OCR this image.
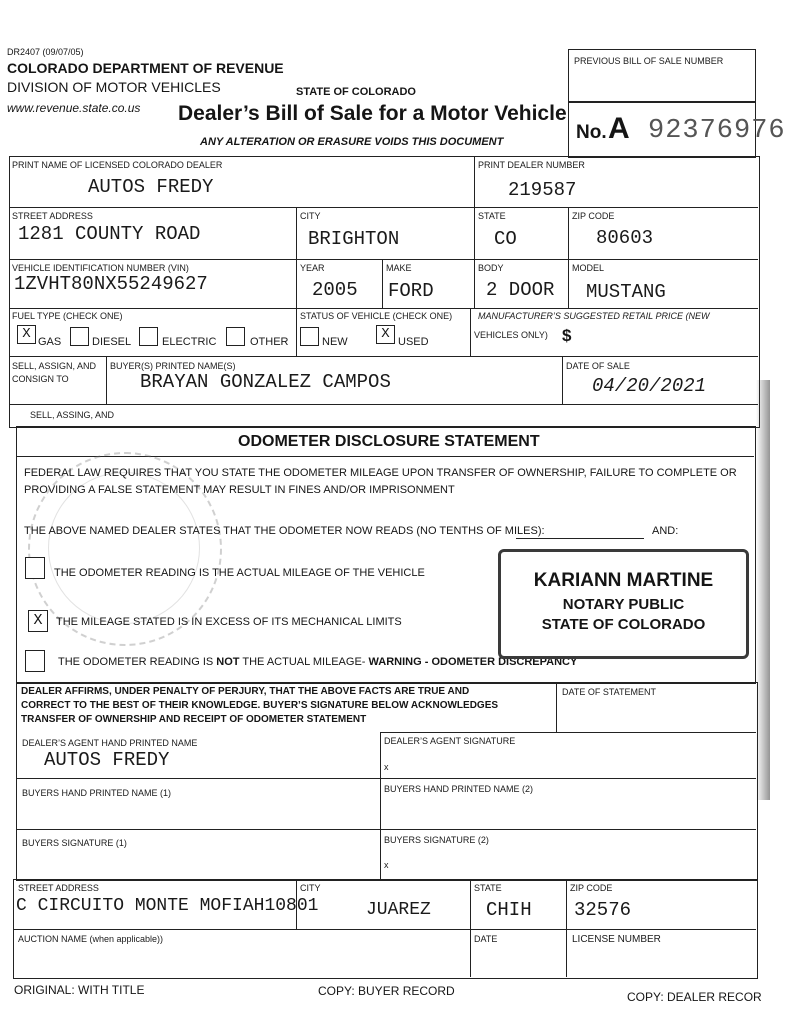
DR2407 (09/07/05)
COLORADO DEPARTMENT OF REVENUE
DIVISION OF MOTOR VEHICLES
www.revenue.state.co.us
STATE OF COLORADO
Dealer’s Bill of Sale for a Motor Vehicle
ANY ALTERATION OR ERASURE VOIDS THIS DOCUMENT
PREVIOUS BILL OF SALE NUMBER
No. A 92376976
PRINT NAME OF LICENSED COLORADO DEALER
AUTOS FREDY
PRINT DEALER NUMBER
219587
STREET ADDRESS
1281 COUNTY ROAD
CITY
BRIGHTON
STATE
CO
ZIP CODE
80603
VEHICLE IDENTIFICATION NUMBER (VIN)
1ZVHT80NX55249627
YEAR
2005
MAKE
FORD
BODY
2 DOOR
MODEL
MUSTANG
FUEL TYPE (CHECK ONE)
X GAS	DIESEL	ELECTRIC	OTHER
STATUS OF VEHICLE (CHECK ONE)
NEW	X USED
MANUFACTURER’S SUGGESTED RETAIL PRICE (NEW
VEHICLES ONLY) $
SELL, ASSIGN, AND
CONSIGN TO
BUYER(S) PRINTED NAME(S)
BRAYAN GONZALEZ CAMPOS
DATE OF SALE
04/20/2021
SELL, ASSING, AND
ODOMETER DISCLOSURE STATEMENT
FEDERAL LAW REQUIRES THAT YOU STATE THE ODOMETER MILEAGE UPON TRANSFER OF OWNERSHIP, FAILURE TO COMPLETE OR
PROVIDING A FALSE STATEMENT MAY RESULT IN FINES AND/OR IMPRISONMENT
THE ABOVE NAMED DEALER STATES THAT THE ODOMETER NOW READS (NO TENTHS OF MILES):	AND:
THE ODOMETER READING IS THE ACTUAL MILEAGE OF THE VEHICLE
X	THE MILEAGE STATED IS IN EXCESS OF ITS MECHANICAL LIMITS
THE ODOMETER READING IS NOT THE ACTUAL MILEAGE- WARNING - ODOMETER DISCREPANCY
KARIANN MARTINE
NOTARY PUBLIC
STATE OF COLORADO
DEALER AFFIRMS, UNDER PENALTY OF PERJURY, THAT THE ABOVE FACTS ARE TRUE AND
CORRECT TO THE BEST OF THEIR KNOWLEDGE. BUYER’S SIGNATURE BELOW ACKNOWLEDGES
TRANSFER OF OWNERSHIP AND RECEIPT OF ODOMETER STATEMENT
DATE OF STATEMENT
DEALER’S AGENT HAND PRINTED NAME
AUTOS FREDY
DEALER’S AGENT SIGNATURE
x
BUYERS HAND PRINTED NAME (1)	BUYERS HAND PRINTED NAME (2)
BUYERS SIGNATURE (1)	BUYERS SIGNATURE (2)
x
STREET ADDRESS
C CIRCUITO MONTE MOFIAH10801
CITY
JUAREZ
STATE
CHIH
ZIP CODE
32576
AUCTION NAME (when applicable))	DATE	LICENSE NUMBER
ORIGINAL: WITH TITLE	COPY: BUYER RECORD	COPY: DEALER RECOR
